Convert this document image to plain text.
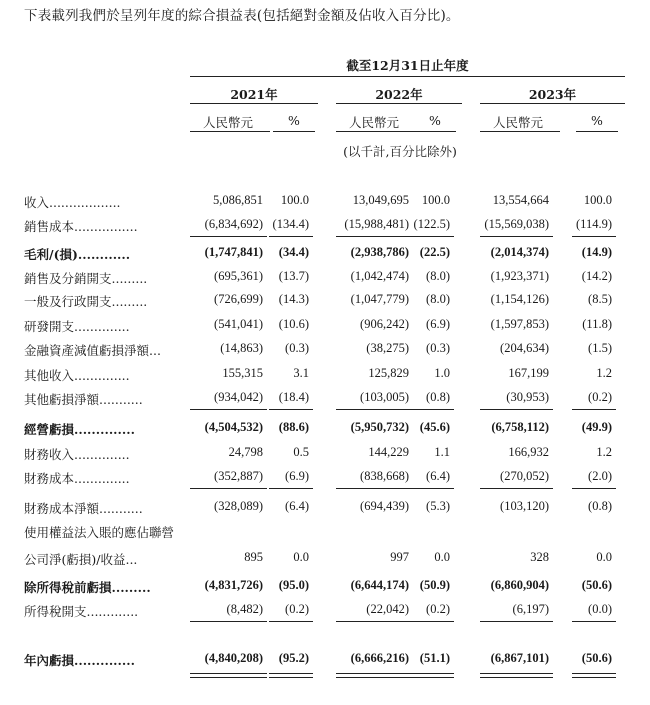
下表載列我們於呈列年度的綜合損益表(包括絕對金額及佔收入百分比)。
截至12月31日止年度
2021年
人民幣元	%
2022年
人民幣元	%
2023年
人民幣元	%
(以千計,百分比除外)
收入..................	5,086,851	100.0	13,049,695	100.0	13,554,664	100.0
銷售成本................	(6,834,692) (134.4)	(15,988,481) (122.5)	(15,569,038)	(114.9)
毛利/(損)............	(1,747,841)	(34.4)	(2,938,786) (22.5)	(2,014,374)	(14.9)
銷售及分銷開支.........	(695,361)	(13.7)	(1,042,474)	(8.0)	(1,923,371)	(14.2)
一般及行政開支.........	(726,699)	(14.3)	(1,047,779)	(8.0)	(1,154,126)	(8.5)
研發開支..............	(541,041)	(10.6)	(906,242)	(6.9)	(1,597,853)	(11.8)
金融資產減值虧損淨額...	(14,863)	(0.3)	(38,275)	(0.3)	(204,634)	(1.5)
其他收入..............	155,315	3.1	125,829	1.0	167,199	1.2
其他虧損淨額...........	(934,042)	(18.4)	(103,005)	(0.8)	(30,953)	(0.2)
經營虧損..............	(4,504,532)	(88.6)	(5,950,732) (45.6)	(6,758,112)	(49.9)
財務收入..............	24,798	0.5	144,229	1.1	166,932	1.2
財務成本..............	(352,887)	(6.9)	(838,668)	(6.4)	(270,052)	(2.0)
財務成本淨額...........	(328,089)	(6.4)	(694,439)	(5.3)	(103,120)	(0.8)
使用權益法入賬的應佔聯營
公司淨(虧損)/收益...	895	0.0	997	0.0	328	0.0
除所得稅前虧損.........	(4,831,726)	(95.0)	(6,644,174) (50.9)	(6,860,904)	(50.6)
所得稅開支.............	(8,482)	(0.2)	(22,042)	(0.2)	(6,197)	(0.0)
年內虧損..............	(4,840,208)	(95.2)	(6,666,216) (51.1)	(6,867,101)	(50.6)
